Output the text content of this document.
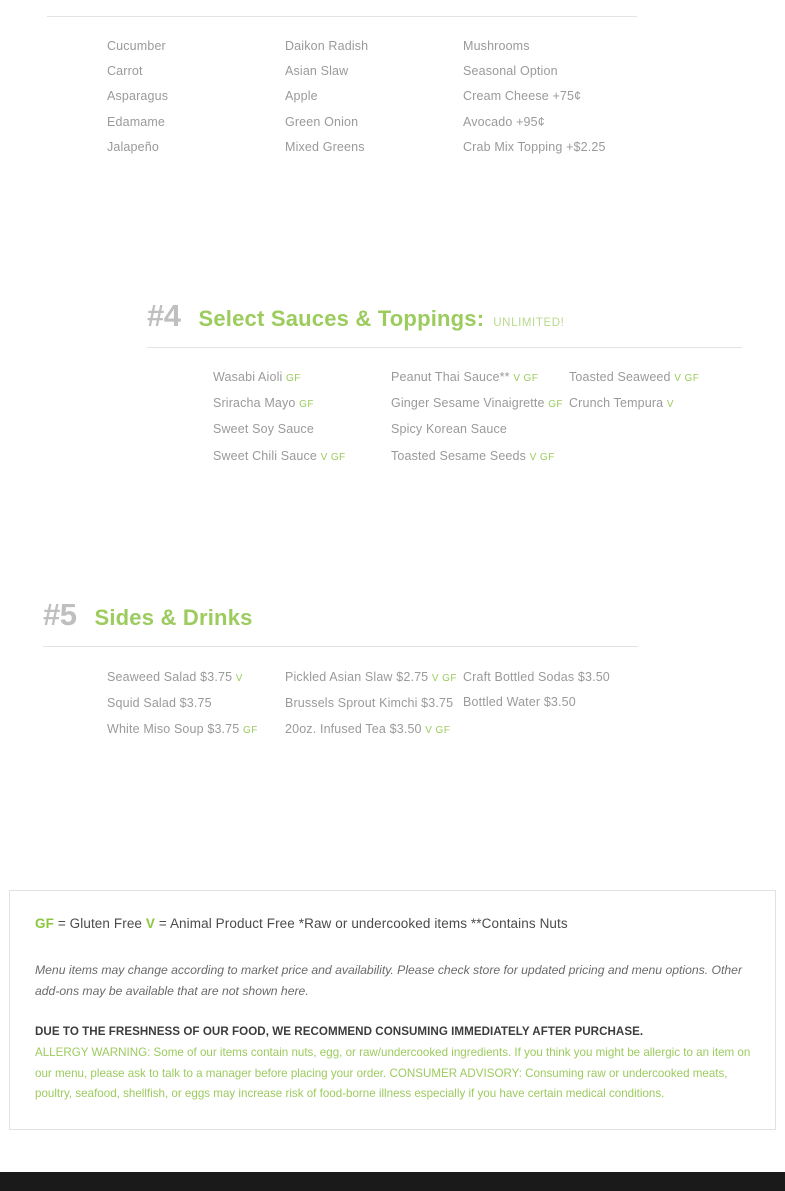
Cucumber
Carrot
Asparagus
Edamame
Jalapeño
Daikon Radish
Asian Slaw
Apple
Green Onion
Mixed Greens
Mushrooms
Seasonal Option
Cream Cheese +75¢
Avocado +95¢
Crab Mix Topping +$2.25
#4 Select Sauces & Toppings: UNLIMITED!
Wasabi Aioli GF
Sriracha Mayo GF
Sweet Soy Sauce
Sweet Chili Sauce V GF
Peanut Thai Sauce** V GF
Ginger Sesame Vinaigrette GF
Spicy Korean Sauce
Toasted Sesame Seeds V GF
Toasted Seaweed V GF
Crunch Tempura V
#5 Sides & Drinks
Seaweed Salad $3.75 V
Squid Salad $3.75
White Miso Soup $3.75 GF
Pickled Asian Slaw $2.75 V GF
Brussels Sprout Kimchi $3.75
20oz. Infused Tea $3.50 V GF
Craft Bottled Sodas $3.50
Bottled Water $3.50
GF = Gluten Free V = Animal Product Free *Raw or undercooked items **Contains Nuts
Menu items may change according to market price and availability. Please check store for updated pricing and menu options. Other add-ons may be available that are not shown here.
DUE TO THE FRESHNESS OF OUR FOOD, WE RECOMMEND CONSUMING IMMEDIATELY AFTER PURCHASE.
ALLERGY WARNING: Some of our items contain nuts, egg, or raw/undercooked ingredients. If you think you might be allergic to an item on our menu, please ask to talk to a manager before placing your order. CONSUMER ADVISORY: Consuming raw or undercooked meats, poultry, seafood, shellfish, or eggs may increase risk of food-borne illness especially if you have certain medical conditions.
